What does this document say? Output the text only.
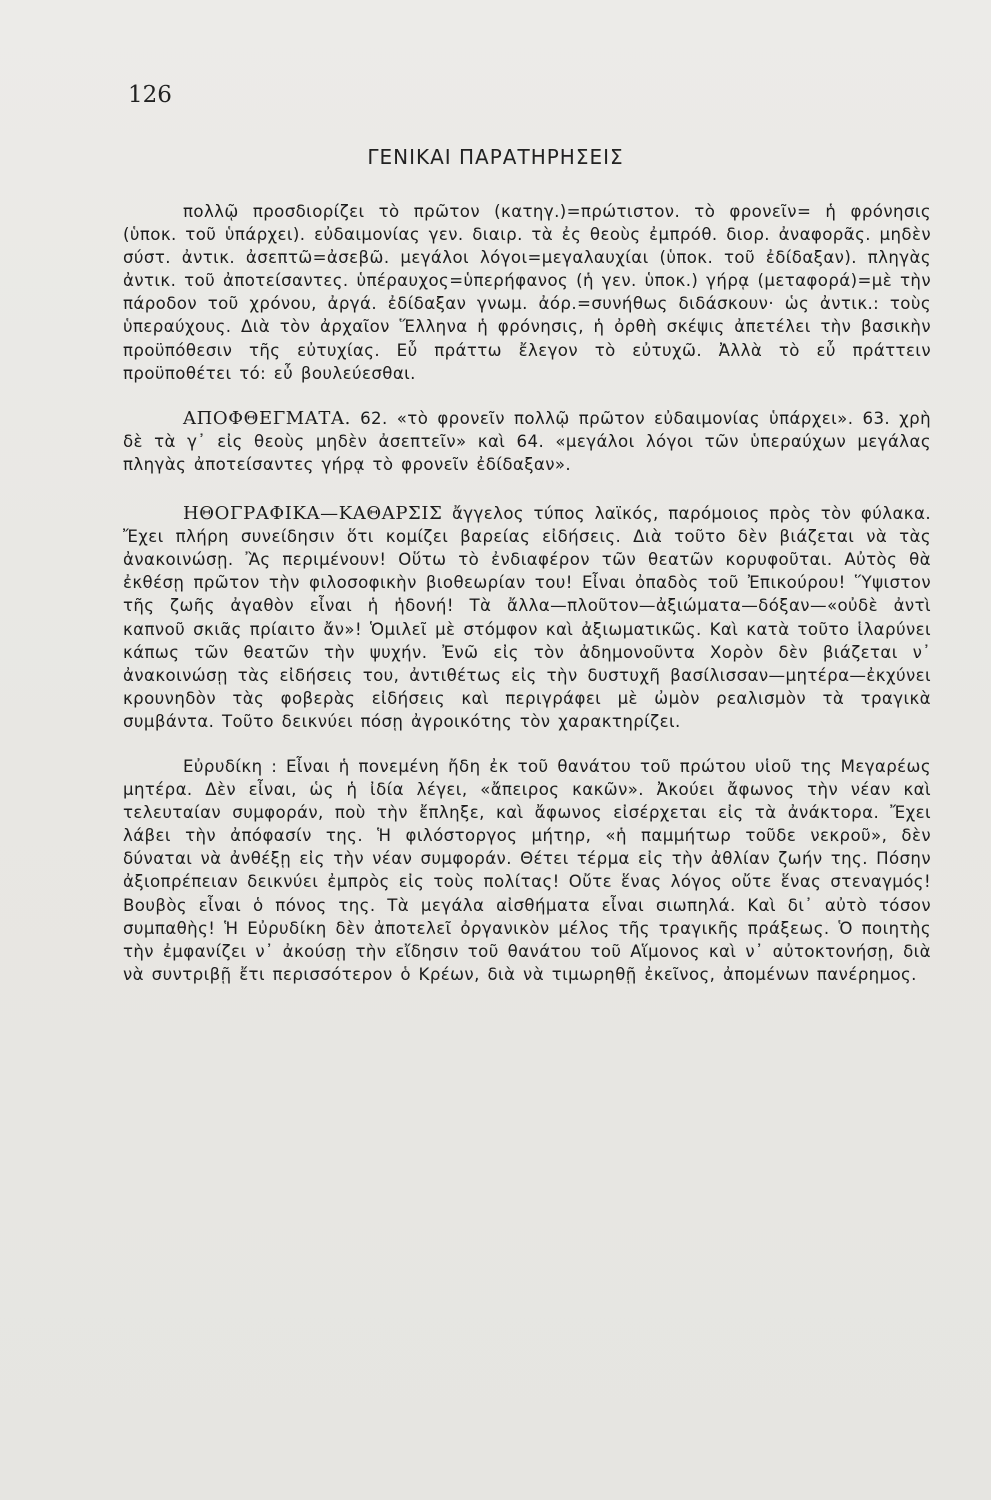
126
ΓΕΝΙΚΑΙ ΠΑΡΑΤΗΡΗΣΕΙΣ

πολλῷ προσδιορίζει τὸ πρῶτον (κατηγ.)=πρώτιστον. τὸ φρονεῖν= ἡ φρόνησις (ὑποκ. τοῦ ὑπάρχει). εὐδαιμονίας γεν. διαιρ. τὰ ἐς θεοὺς ἐμπρόθ. διορ. ἀναφορᾶς. μηδὲν σύστ. ἀντικ. ἀσεπτῶ=ἀσεβῶ. μεγάλοι λόγοι=μεγαλαυχίαι (ὑποκ. τοῦ ἐδίδαξαν). πληγὰς ἀντικ. τοῦ ἀποτείσαντες. ὑπέραυχος=ὑπερήφανος (ἡ γεν. ὑποκ.) γήρᾳ (μεταφορά)=μὲ τὴν πάροδον τοῦ χρόνου, ἀργά. ἐδίδαξαν γνωμ. ἀόρ.=συνήθως διδάσκουν· ὡς ἀντικ.: τοὺς ὑπεραύχους. Διὰ τὸν ἀρχαῖον Ἕλληνα ἡ φρόνησις, ἡ ὀρθὴ σκέψις ἀπετέλει τὴν βασικὴν προϋπόθεσιν τῆς εὐτυχίας. Εὖ πράττω ἔλεγον τὸ εὐτυχῶ. Ἀλλὰ τὸ εὖ πράττειν προϋποθέτει τό: εὖ βουλεύεσθαι.

ΑΠΟΦΘΕΓΜΑΤΑ. 62. «τὸ φρονεῖν πολλῷ πρῶτον εὐδαιμονίας ὑπάρχει». 63. χρὴ δὲ τὰ γ᾿ εἰς θεοὺς μηδὲν ἀσεπτεῖν» καὶ 64. «μεγάλοι λόγοι τῶν ὑπεραύχων μεγάλας πληγὰς ἀποτείσαντες γήρᾳ τὸ φρονεῖν ἐδίδαξαν».

ΗΘΟΓΡΑΦΙΚΑ—ΚΑΘΑΡΣΙΣ ἄγγελος τύπος λαϊκός, παρόμοιος πρὸς τὸν φύλακα. Ἔχει πλήρη συνείδησιν ὅτι κομίζει βαρείας εἰδήσεις. Διὰ τοῦτο δὲν βιάζεται νὰ τὰς ἀνακοινώσῃ. Ἂς περιμένουν! Οὕτω τὸ ἐνδιαφέρον τῶν θεατῶν κορυφοῦται. Αὐτὸς θὰ ἐκθέσῃ πρῶτον τὴν φιλοσοφικὴν βιοθεωρίαν του! Εἶναι ὀπαδὸς τοῦ Ἐπικούρου! Ὕψιστον τῆς ζωῆς ἀγαθὸν εἶναι ἡ ἡδονή! Τὰ ἄλλα—πλοῦτον—ἀξιώματα—δόξαν—«οὐδὲ ἀντὶ καπνοῦ σκιᾶς πρίαιτο ἄν»! Ὁμιλεῖ μὲ στόμφον καὶ ἀξιωματικῶς. Καὶ κατὰ τοῦτο ἱλαρύνει κάπως τῶν θεατῶν τὴν ψυχήν. Ἐνῶ εἰς τὸν ἀδημονοῦντα Χορὸν δὲν βιάζεται ν᾿ ἀνακοινώσῃ τὰς εἰδήσεις του, ἀντιθέτως εἰς τὴν δυστυχῆ βασίλισσαν—μητέρα—ἐκχύνει κρουνηδὸν τὰς φοβερὰς εἰδήσεις καὶ περιγράφει μὲ ὠμὸν ρεαλισμὸν τὰ τραγικὰ συμβάντα. Τοῦτο δεικνύει πόσῃ ἀγροικότης τὸν χαρακτηρίζει.

Εὐρυδίκη : Εἶναι ἡ πονεμένη ἤδη ἐκ τοῦ θανάτου τοῦ πρώτου υἱοῦ της Μεγαρέως μητέρα. Δὲν εἶναι, ὡς ἡ ἰδία λέγει, «ἄπειρος κακῶν». Ἀκούει ἄφωνος τὴν νέαν καὶ τελευταίαν συμφοράν, ποὺ τὴν ἔπληξε, καὶ ἄφωνος εἰσέρχεται εἰς τὰ ἀνάκτορα. Ἔχει λάβει τὴν ἀπόφασίν της. Ἡ φιλόστοργος μήτηρ, «ἡ παμμήτωρ τοῦδε νεκροῦ», δὲν δύναται νὰ ἀνθέξῃ εἰς τὴν νέαν συμφοράν. Θέτει τέρμα εἰς τὴν ἀθλίαν ζωήν της. Πόσην ἀξιοπρέπειαν δεικνύει ἐμπρὸς εἰς τοὺς πολίτας! Οὔτε ἕνας λόγος οὔτε ἕνας στεναγμός! Βουβὸς εἶναι ὁ πόνος της. Τὰ μεγάλα αἰσθήματα εἶναι σιωπηλά. Καὶ δι᾿ αὐτὸ τόσον συμπαθὴς! Ἡ Εὐρυδίκη δὲν ἀποτελεῖ ὀργανικὸν μέλος τῆς τραγικῆς πράξεως. Ὁ ποιητὴς τὴν ἐμφανίζει ν᾿ ἀκούσῃ τὴν εἴδησιν τοῦ θανάτου τοῦ Αἵμονος καὶ ν᾿ αὐτοκτονήσῃ, διὰ νὰ συντριβῇ ἔτι περισσότερον ὁ Κρέων, διὰ νὰ τιμωρηθῇ ἐκεῖνος, ἀπομένων πανέρημος.
